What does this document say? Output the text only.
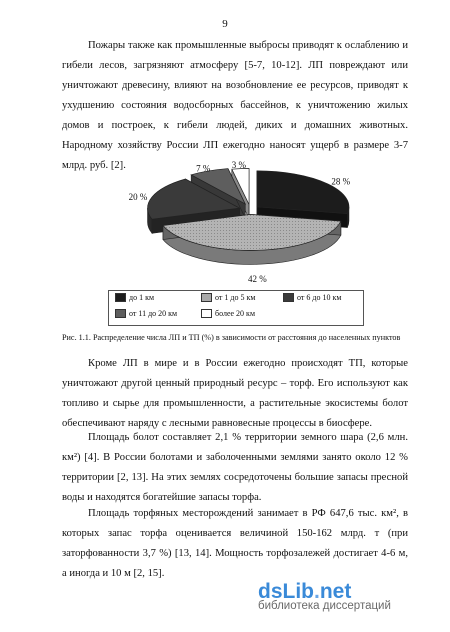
9

Пожары также как промышленные выбросы приводят к ослаблению и гибели лесов, загрязняют атмосферу [5-7, 10-12]. ЛП повреждают или уничтожают древесину, влияют на возобновление ее ресурсов, приводят к ухудшению состояния водосборных бассейнов, к уничтожению жилых домов и построек, к гибели людей, диких и домашних животных. Народному хозяйству России ЛП ежегодно наносят ущерб в размере 3-7 млрд. руб. [2].

28 %
42 %
20 %
7 % 3 %
до 1 км	от 1 до 5 км	от 6 до 10 км
от 11 до 20 км	более 20 км

Рис. 1.1. Распределение числа ЛП и ТП (%) в зависимости от расстояния до населенных пунктов

Кроме ЛП в мире и в России ежегодно происходят ТП, которые уничтожают другой ценный природный ресурс – торф. Его используют как топливо и сырье для промышленности, а растительные экосистемы болот обеспечивают наряду с лесными равновесные процессы в биосфере.

Площадь болот составляет 2,1 % территории земного шара (2,6 млн. км²) [4]. В России болотами и заболоченными землями занято около 12 % территории [2, 13]. На этих землях сосредоточены большие запасы пресной воды и находятся богатейшие запасы торфа.

Площадь торфяных месторождений занимает в РФ 647,6 тыс. км², в которых запас торфа оценивается величиной 150-162 млрд. т (при заторфованности 3,7 %) [13, 14]. Мощность торфозалежей достигает 4-6 м, а иногда и 10 м [2, 15].

dsLib.net
библиотека диссертаций
